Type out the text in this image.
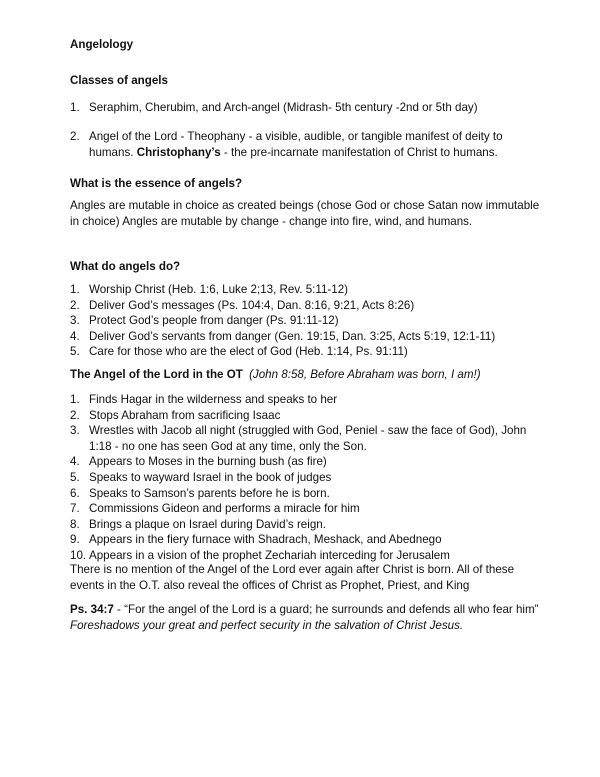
Angelology
Classes of angels
1. Seraphim, Cherubim, and Arch-angel (Midrash- 5th century -2nd or 5th day)
2. Angel of the Lord - Theophany - a visible, audible, or tangible manifest of deity to humans. Christophany’s - the pre-incarnate manifestation of Christ to humans.
What is the essence of angels?
Angles are mutable in choice as created beings (chose God or chose Satan now immutable in choice) Angles are mutable by change - change into fire, wind, and humans.
What do angels do?
1. Worship Christ (Heb. 1:6, Luke 2;13, Rev. 5:11-12)
2. Deliver God’s messages (Ps. 104:4, Dan. 8:16, 9:21, Acts 8:26)
3. Protect God’s people from danger (Ps. 91:11-12)
4. Deliver God’s servants from danger (Gen. 19:15, Dan. 3:25, Acts 5:19, 12:1-11)
5. Care for those who are the elect of God (Heb. 1:14, Ps. 91:11)
The Angel of the Lord in the OT (John 8:58, Before Abraham was born, I am!)
1. Finds Hagar in the wilderness and speaks to her
2. Stops Abraham from sacrificing Isaac
3. Wrestles with Jacob all night (struggled with God, Peniel - saw the face of God), John 1:18 - no one has seen God at any time, only the Son.
4. Appears to Moses in the burning bush (as fire)
5. Speaks to wayward Israel in the book of judges
6. Speaks to Samson’s parents before he is born.
7. Commissions Gideon and performs a miracle for him
8. Brings a plaque on Israel during David’s reign.
9. Appears in the fiery furnace with Shadrach, Meshack, and Abednego
10. Appears in a vision of the prophet Zechariah interceding for Jerusalem
There is no mention of the Angel of the Lord ever again after Christ is born. All of these events in the O.T. also reveal the offices of Christ as Prophet, Priest, and King
Ps. 34:7 - “For the angel of the Lord is a guard; he surrounds and defends all who fear him” Foreshadows your great and perfect security in the salvation of Christ Jesus.
